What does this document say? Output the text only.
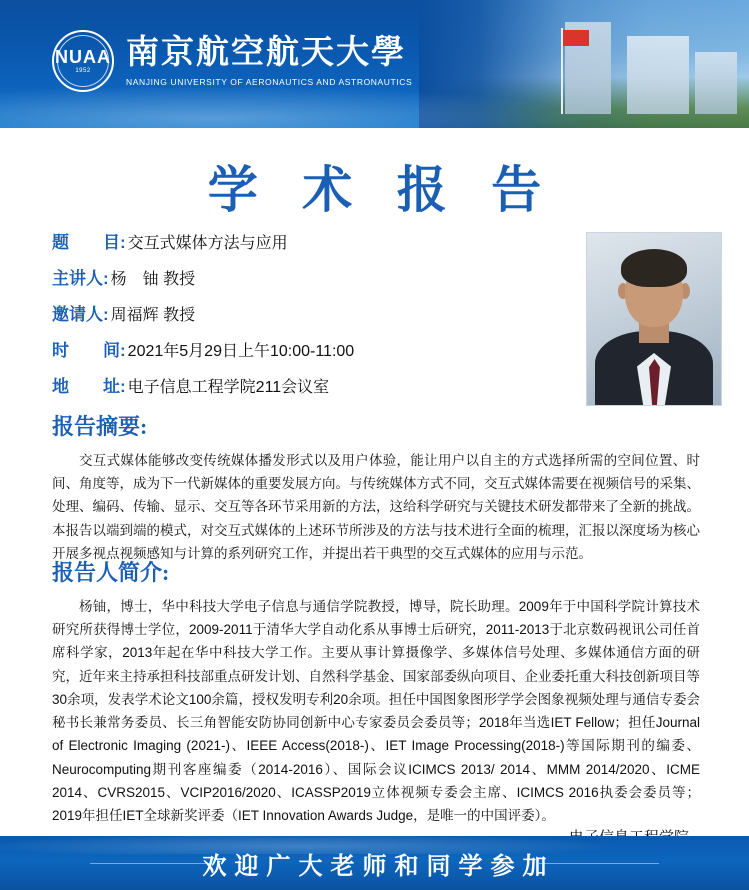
NUAA
1952 南京航空航天大學
NANJING UNIVERSITY OF AERONAUTICS AND ASTRONAUTICS
学 术 报 告
题　　目: 交互式媒体方法与应用
主讲人: 杨　铀 教授
邀请人: 周福辉 教授
时　　间: 2021年5月29日上午10:00-11:00
地　　址: 电子信息工程学院211会议室
报告摘要:
交互式媒体能够改变传统媒体播发形式以及用户体验，能让用户以自主的方式选择所需的空间位置、时间、角度等，成为下一代新媒体的重要发展方向。与传统媒体方式不同，交互式媒体需要在视频信号的采集、处理、编码、传输、显示、交互等各环节采用新的方法，这给科学研究与关键技术研发都带来了全新的挑战。本报告以端到端的模式，对交互式媒体的上述环节所涉及的方法与技术进行全面的梳理，汇报以深度场为核心开展多视点视频感知与计算的系列研究工作，并提出若干典型的交互式媒体的应用与示范。
报告人简介:
杨铀，博士，华中科技大学电子信息与通信学院教授，博导，院长助理。2009年于中国科学院计算技术研究所获得博士学位，2009-2011于清华大学自动化系从事博士后研究，2011-2013于北京数码视讯公司任首席科学家，2013年起在华中科技大学工作。主要从事计算摄像学、多媒体信号处理、多媒体通信方面的研究，近年来主持承担科技部重点研发计划、自然科学基金、国家部委纵向项目、企业委托重大科技创新项目等30余项，发表学术论文100余篇，授权发明专利20余项。担任中国图象图形学学会图象视频处理与通信专委会秘书长兼常务委员、长三角智能安防协同创新中心专家委员会委员等；2018年当选IET Fellow；担任Journal of Electronic Imaging (2021-)、IEEE Access(2018-)、IET Image Processing(2018-)等国际期刊的编委、Neurocomputing期刊客座编委（2014-2016）、国际会议ICIMCS 2013/ 2014、MMM 2014/2020、ICME 2014、CVRS2015、VCIP2016/2020、ICASSP2019立体视频专委会主席、ICIMCS 2016执委会委员等；2019年担任IET全球新奖评委（IET Innovation Awards Judge，是唯一的中国评委）。
欢迎广大老师和同学参加
